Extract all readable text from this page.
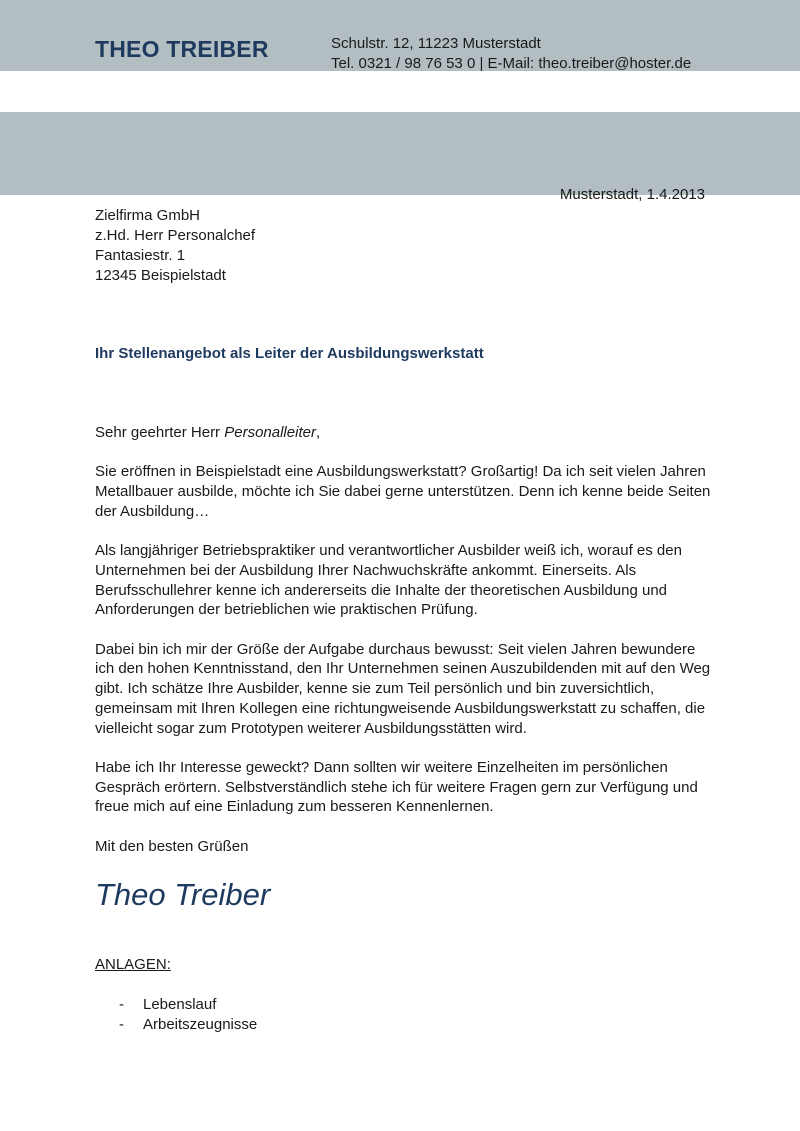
THEO TREIBER	Schulstr. 12, 11223 Musterstadt
Tel. 0321 / 98 76 53 0 | E-Mail: theo.treiber@hoster.de
Musterstadt, 1.4.2013
Zielfirma GmbH
z.Hd. Herr Personalchef
Fantasiestr. 1
12345 Beispielstadt
Ihr Stellenangebot als Leiter der Ausbildungswerkstatt

Sehr geehrter Herr Personalleiter,

Sie eröffnen in Beispielstadt eine Ausbildungswerkstatt? Großartig! Da ich seit vielen Jahren Metallbauer ausbilde, möchte ich Sie dabei gerne unterstützen. Denn ich kenne beide Seiten der Ausbildung…

Als langjähriger Betriebspraktiker und verantwortlicher Ausbilder weiß ich, worauf es den Unternehmen bei der Ausbildung Ihrer Nachwuchskräfte ankommt. Einerseits. Als Berufsschullehrer kenne ich andererseits die Inhalte der theoretischen Ausbildung und Anforderungen der betrieblichen wie praktischen Prüfung.

Dabei bin ich mir der Größe der Aufgabe durchaus bewusst: Seit vielen Jahren bewundere ich den hohen Kenntnisstand, den Ihr Unternehmen seinen Auszubildenden mit auf den Weg gibt. Ich schätze Ihre Ausbilder, kenne sie zum Teil persönlich und bin zuversichtlich, gemeinsam mit Ihren Kollegen eine richtungweisende Ausbildungswerkstatt zu schaffen, die vielleicht sogar zum Prototypen weiterer Ausbildungsstätten wird.

Habe ich Ihr Interesse geweckt? Dann sollten wir weitere Einzelheiten im persönlichen Gespräch erörtern. Selbstverständlich stehe ich für weitere Fragen gern zur Verfügung und freue mich auf eine Einladung zum besseren Kennenlernen.

Mit den besten Grüßen

Theo Treiber
ANLAGEN:
-	Lebenslauf
-	Arbeitszeugnisse
